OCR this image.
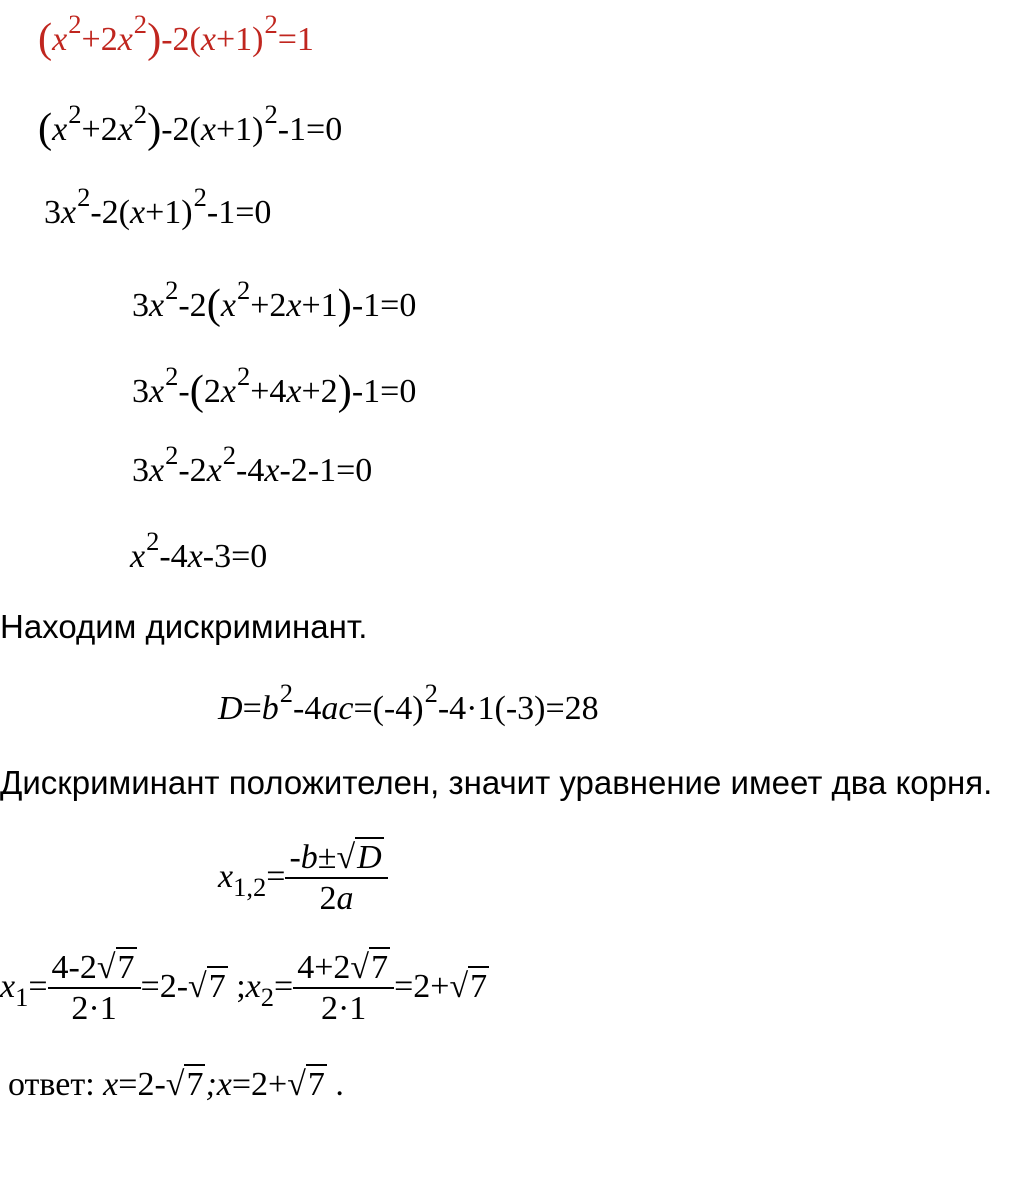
$(x^2+2x^2)-2(x+1)^2=1$
$(x^2+2x^2)-2(x+1)^2-1=0$
$3x^2-2(x+1)^2-1=0$
$3x^2-2(x^2+2x+1)-1=0$
$3x^2-(2x^2+4x+2)-1=0$
$3x^2-2x^2-4x-2-1=0$
$x^2-4x-3=0$
Находим дискриминант.
$D=b^2-4ac=(-4)^2-4\cdot 1(-3)=28$
Дискриминант положителен, значит уравнение имеет два корня.
$x_{1,2}= \frac{-b\pm√D}{2a}$
$x_1= \frac{4-2√7}{2\cdot 1} =2-√7$ $;x_2= \frac{4+2√7}{2\cdot 1} =2+√7$
ответ: x=2-√7;x=2+√7 .
